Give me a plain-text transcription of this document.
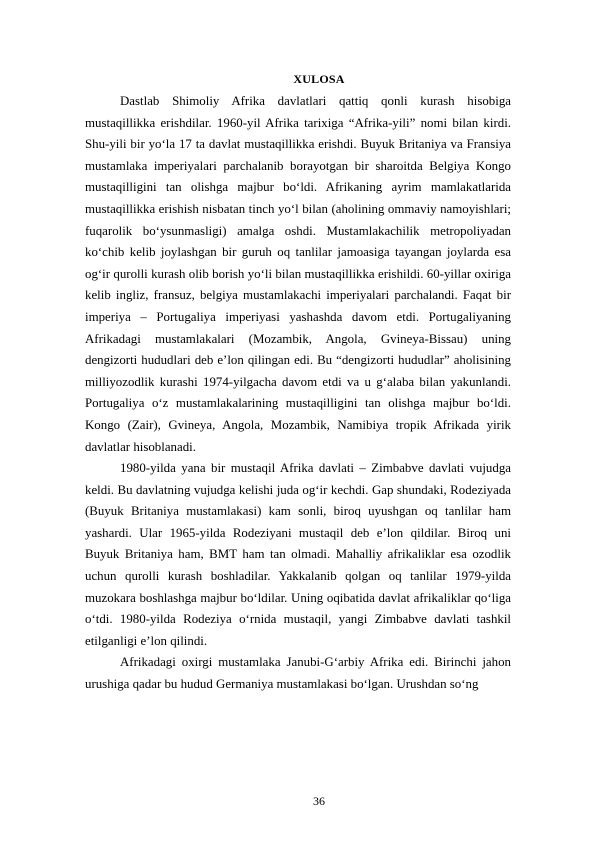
XULOSA

Dastlab Shimoliy Afrika davlatlari qattiq qonli kurash hisobiga mustaqillikka erishdilar. 1960-yil Afrika tarixiga “Afrika-yili” nomi bilan kirdi. Shu-yili bir yo‘la 17 ta davlat mustaqillikka erishdi. Buyuk Britaniya va Fransiya mustamlaka imperiyalari parchalanib borayotgan bir sharoitda Belgiya Kongo mustaqilligini tan olishga majbur bo‘ldi. Afrikaning ayrim mamlakatlarida mustaqillikka erishish nisbatan tinch yo‘l bilan (aholining ommaviy namoyishlari; fuqarolik bo‘ysunmasligi) amalga oshdi. Mustamlakachilik metropoliyadan ko‘chib kelib joylashgan bir guruh oq tanlilar jamoasiga tayangan joylarda esa og‘ir qurolli kurash olib borish yo‘li bilan mustaqillikka erishildi. 60-yillar oxiriga kelib ingliz, fransuz, belgiya mustamlakachi imperiyalari parchalandi. Faqat bir imperiya – Portugaliya imperiyasi yashashda davom etdi. Portugaliyaning Afrikadagi mustamlakalari (Mozambik, Angola, Gvineya-Bissau) uning dengizorti hududlari deb e’lon qilingan edi. Bu “dengizorti hududlar” aholisining milliyozodlik kurashi 1974-yilgacha davom etdi va u g‘alaba bilan yakunlandi. Portugaliya o‘z mustamlakalarining mustaqilligini tan olishga majbur bo‘ldi. Kongo (Zair), Gvineya, Angola, Mozambik, Namibiya tropik Afrikada yirik davlatlar hisoblanadi.

1980-yilda yana bir mustaqil Afrika davlati – Zimbabve davlati vujudga keldi. Bu davlatning vujudga kelishi juda og‘ir kechdi. Gap shundaki, Rodeziyada (Buyuk Britaniya mustamlakasi) kam sonli, biroq uyushgan oq tanlilar ham yashardi. Ular 1965-yilda Rodeziyani mustaqil deb e’lon qildilar. Biroq uni Buyuk Britaniya ham, BMT ham tan olmadi. Mahalliy afrikaliklar esa ozodlik uchun qurolli kurash boshladilar. Yakkalanib qolgan oq tanlilar 1979-yilda muzokara boshlashga majbur bo‘ldilar. Uning oqibatida davlat afrikaliklar qo‘liga o‘tdi. 1980-yilda Rodeziya o‘rnida mustaqil, yangi Zimbabve davlati tashkil etilganligi e’lon qilindi.

Afrikadagi oxirgi mustamlaka Janubi-G‘arbiy Afrika edi. Birinchi jahon urushiga qadar bu hudud Germaniya mustamlakasi bo‘lgan. Urushdan so‘ng

36
